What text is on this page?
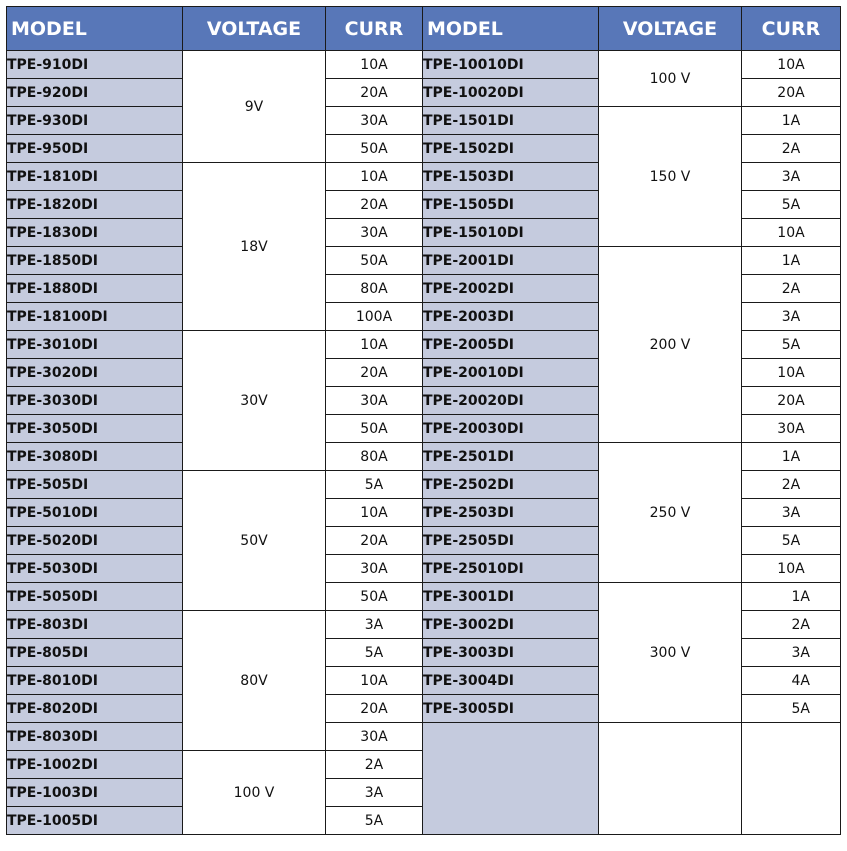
MODEL	VOLTAGE	CURR	MODEL	VOLTAGE	CURR
TPE-910DI	9V	10A	TPE-10010DI	100 V	10A
TPE-920DI		20A	TPE-10020DI		20A
TPE-930DI		30A	TPE-1501DI	150 V	1A
TPE-950DI		50A	TPE-1502DI		2A
TPE-1810DI	18V	10A	TPE-1503DI		3A
TPE-1820DI		20A	TPE-1505DI		5A
TPE-1830DI		30A	TPE-15010DI		10A
TPE-1850DI		50A	TPE-2001DI	200 V	1A
TPE-1880DI		80A	TPE-2002DI		2A
TPE-18100DI		100A	TPE-2003DI		3A
TPE-3010DI	30V	10A	TPE-2005DI		5A
TPE-3020DI		20A	TPE-20010DI		10A
TPE-3030DI		30A	TPE-20020DI		20A
TPE-3050DI		50A	TPE-20030DI		30A
TPE-3080DI		80A	TPE-2501DI	250 V	1A
TPE-505DI	50V	5A	TPE-2502DI		2A
TPE-5010DI		10A	TPE-2503DI		3A
TPE-5020DI		20A	TPE-2505DI		5A
TPE-5030DI		30A	TPE-25010DI		10A
TPE-5050DI		50A	TPE-3001DI	300 V	1A
TPE-803DI	80V	3A	TPE-3002DI		2A
TPE-805DI		5A	TPE-3003DI		3A
TPE-8010DI		10A	TPE-3004DI		4A
TPE-8020DI		20A	TPE-3005DI		5A
TPE-8030DI		30A			
TPE-1002DI	100 V	2A			
TPE-1003DI		3A			
TPE-1005DI		5A			
